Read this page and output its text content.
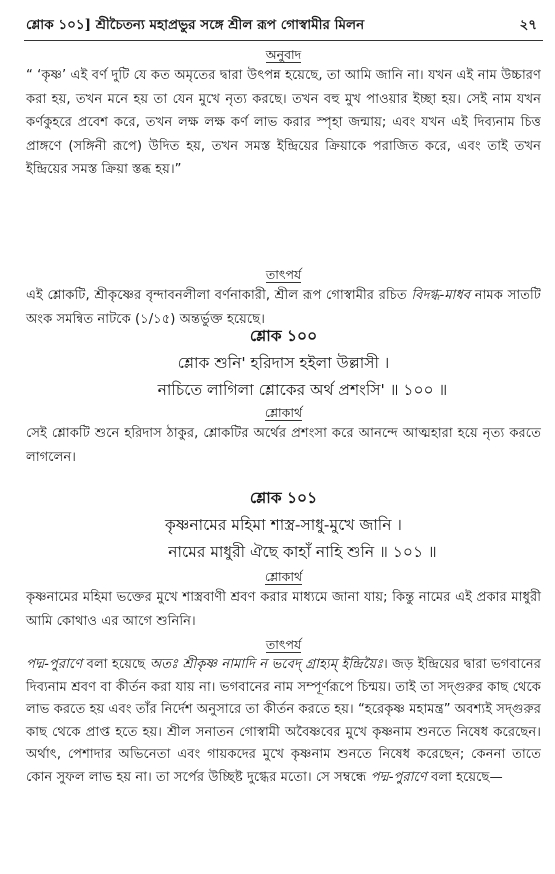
শ্লোক ১০১] শ্রীচৈতন্য মহাপ্রভুর সঙ্গে শ্রীল রূপ গোস্বামীর মিলন	২৭

অনুবাদ

“ ‘কৃষ্ণ’ এই বর্ণ দুটি যে কত অমৃতের দ্বারা উৎপন্ন হয়েছে, তা আমি জানি না। যখন এই নাম উচ্চারণ করা হয়, তখন মনে হয় তা যেন মুখে নৃত্য করছে। তখন বহু মুখ পাওয়ার ইচ্ছা হয়। সেই নাম যখন কর্ণকুহরে প্রবেশ করে, তখন লক্ষ লক্ষ কর্ণ লাভ করার স্পৃহা জন্মায়; এবং যখন এই দিব্যনাম চিত্ত প্রাঙ্গণে (সঙ্গিনী রূপে) উদিত হয়, তখন সমস্ত ইন্দ্রিয়ের ক্রিয়াকে পরাজিত করে, এবং তাই তখন ইন্দ্রিয়ের সমস্ত ক্রিয়া স্তব্ধ হয়।”

তাৎপর্য

এই শ্লোকটি, শ্রীকৃষ্ণের বৃন্দাবনলীলা বর্ণনাকারী, শ্রীল রূপ গোস্বামীর রচিত বিদগ্ধ-মাধব নামক সাতটি অংক সমন্বিত নাটকে (১/১৫) অন্তর্ভুক্ত হয়েছে।

শ্লোক ১০০

শ্লোক শুনি' হরিদাস হইলা উল্লাসী ।
নাচিতে লাগিলা শ্লোকের অর্থ প্রশংসি' ॥ ১০০ ॥

শ্লোকার্থ

সেই শ্লোকটি শুনে হরিদাস ঠাকুর, শ্লোকটির অর্থের প্রশংসা করে আনন্দে আত্মহারা হয়ে নৃত্য করতে লাগলেন।

শ্লোক ১০১

কৃষ্ণনামের মহিমা শাস্ত্র-সাধু-মুখে জানি ।
নামের মাধুরী ঐছে কাহাঁ নাহি শুনি ॥ ১০১ ॥

শ্লোকার্থ

কৃষ্ণনামের মহিমা ভক্তের মুখে শাস্ত্রবাণী শ্রবণ করার মাধ্যমে জানা যায়; কিন্তু নামের এই প্রকার মাধুরী আমি কোথাও এর আগে শুনিনি।

তাৎপর্য

পদ্ম-পুরাণে বলা হয়েছে অতঃ শ্রীকৃষ্ণ নামাদি ন ভবেদ্ গ্রাহ্যম্ ইন্দ্রিয়ৈঃ। জড় ইন্দ্রিয়ের দ্বারা ভগবানের দিব্যনাম শ্রবণ বা কীর্তন করা যায় না। ভগবানের নাম সম্পূর্ণরূপে চিন্ময়। তাই তা সদ্গুরুর কাছ থেকে লাভ করতে হয় এবং তাঁর নির্দেশ অনুসারে তা কীর্তন করতে হয়। “হরেকৃষ্ণ মহামন্ত্র” অবশ্যই সদ্গুরুর কাছ থেকে প্রাপ্ত হতে হয়। শ্রীল সনাতন গোস্বামী অবৈষ্ণবের মুখে কৃষ্ণনাম শুনতে নিষেধ করেছেন। অর্থাৎ, পেশাদার অভিনেতা এবং গায়কদের মুখে কৃষ্ণনাম শুনতে নিষেধ করেছেন; কেননা তাতে কোন সুফল লাভ হয় না। তা সর্পের উচ্ছিষ্ট দুগ্ধের মতো। সে সম্বন্ধে পদ্ম-পুরাণে বলা হয়েছে—
